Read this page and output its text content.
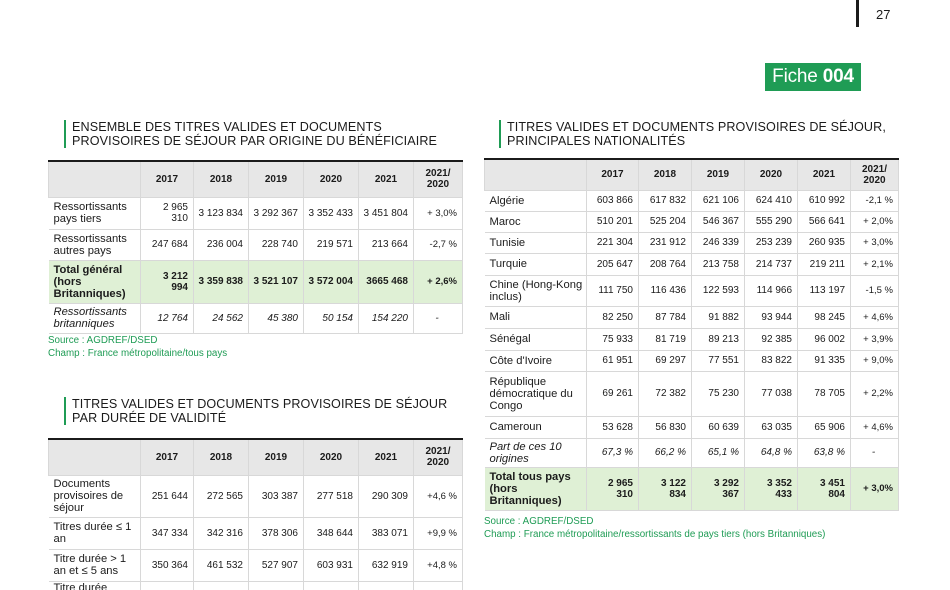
27
Fiche 004
ENSEMBLE DES TITRES VALIDES ET DOCUMENTS
PROVISOIRES DE SÉJOUR PAR ORIGINE DU BÉNÉFICIAIRE
	2017	2018	2019	2020	2021	2021/
2020

Ressortissants pays tiers	2 965 310	3 123 834	3 292 367	3 352 433	3 451 804	+ 3,0%
Ressortissants autres pays	247 684	236 004	228 740	219 571	213 664	-2,7 %
Total général (hors Britanniques)	3 212 994	3 359 838	3 521 107	3 572 004	3665 468	+ 2,6%
Ressortissants britanniques	12 764	24 562	45 380	50 154	154 220	-
Source : AGDREF/DSED
Champ : France métropolitaine/tous pays
TITRES VALIDES ET DOCUMENTS PROVISOIRES DE SÉJOUR
PAR DURÉE DE VALIDITÉ
	2017	2018	2019	2020	2021	2021/
2020

Documents provisoires de séjour	251 644	272 565	303 387	277 518	290 309	+4,6 %
Titres durée ≤ 1 an	347 334	342 316	378 306	348 644	383 071	+9,9 %
Titre durée > 1 an et ≤ 5 ans	350 364	461 532	527 907	603 931	632 919	+4,8 %
Titre durée						
TITRES VALIDES ET DOCUMENTS PROVISOIRES DE SÉJOUR,
PRINCIPALES NATIONALITÉS
	2017	2018	2019	2020	2021	2021/
2020

Algérie	603 866	617 832	621 106	624 410	610 992	-2,1 %
Maroc	510 201	525 204	546 367	555 290	566 641	+ 2,0%
Tunisie	221 304	231 912	246 339	253 239	260 935	+ 3,0%
Turquie	205 647	208 764	213 758	214 737	219 211	+ 2,1%
Chine (Hong-Kong inclus)	111 750	116 436	122 593	114 966	113 197	-1,5 %
Mali	82 250	87 784	91 882	93 944	98 245	+ 4,6%
Sénégal	75 933	81 719	89 213	92 385	96 002	+ 3,9%
Côte d'Ivoire	61 951	69 297	77 551	83 822	91 335	+ 9,0%
République démocratique du Congo	69 261	72 382	75 230	77 038	78 705	+ 2,2%
Cameroun	53 628	56 830	60 639	63 035	65 906	+ 4,6%
Part de ces 10 origines	67,3 %	66,2 %	65,1 %	64,8 %	63,8 %	-
Total tous pays (hors Britanniques)	2 965 310	3 122 834	3 292 367	3 352 433	3 451 804	+ 3,0%
Source : AGDREF/DSED
Champ : France métropolitaine/ressortissants de pays tiers (hors Britanniques)
